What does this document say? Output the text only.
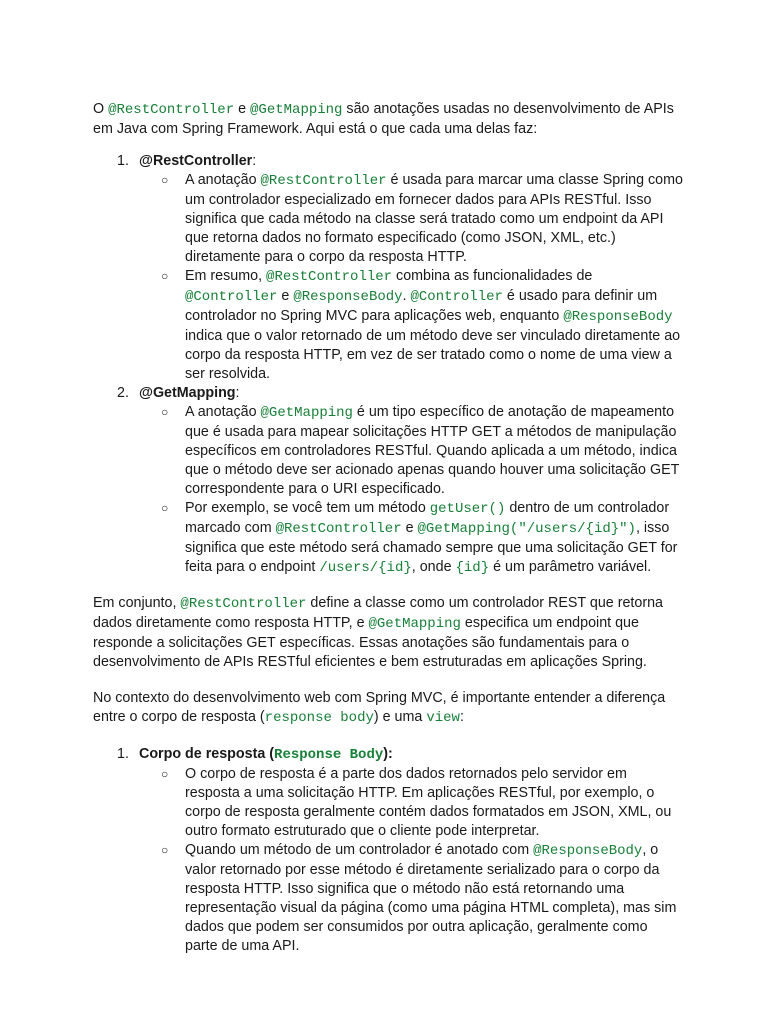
O @RestController e @GetMapping são anotações usadas no desenvolvimento de APIs em Java com Spring Framework. Aqui está o que cada uma delas faz:

1. @RestController:
○ A anotação @RestController é usada para marcar uma classe Spring como um controlador especializado em fornecer dados para APIs RESTful. Isso significa que cada método na classe será tratado como um endpoint da API que retorna dados no formato especificado (como JSON, XML, etc.) diretamente para o corpo da resposta HTTP.

○ Em resumo, @RestController combina as funcionalidades de @Controller e @ResponseBody. @Controller é usado para definir um controlador no Spring MVC para aplicações web, enquanto @ResponseBody indica que o valor retornado de um método deve ser vinculado diretamente ao corpo da resposta HTTP, em vez de ser tratado como o nome de uma view a ser resolvida.

2. @GetMapping:
○ A anotação @GetMapping é um tipo específico de anotação de mapeamento que é usada para mapear solicitações HTTP GET a métodos de manipulação específicos em controladores RESTful. Quando aplicada a um método, indica que o método deve ser acionado apenas quando houver uma solicitação GET correspondente para o URI especificado.

○ Por exemplo, se você tem um método getUser() dentro de um controlador marcado com @RestController e @GetMapping("/users/{id}"), isso significa que este método será chamado sempre que uma solicitação GET for feita para o endpoint /users/{id}, onde {id} é um parâmetro variável.

Em conjunto, @RestController define a classe como um controlador REST que retorna dados diretamente como resposta HTTP, e @GetMapping especifica um endpoint que responde a solicitações GET específicas. Essas anotações são fundamentais para o desenvolvimento de APIs RESTful eficientes e bem estruturadas em aplicações Spring.

No contexto do desenvolvimento web com Spring MVC, é importante entender a diferença entre o corpo de resposta (response body) e uma view:

1. Corpo de resposta (Response Body):
○ O corpo de resposta é a parte dos dados retornados pelo servidor em resposta a uma solicitação HTTP. Em aplicações RESTful, por exemplo, o corpo de resposta geralmente contém dados formatados em JSON, XML, ou outro formato estruturado que o cliente pode interpretar.

○ Quando um método de um controlador é anotado com @ResponseBody, o valor retornado por esse método é diretamente serializado para o corpo da resposta HTTP. Isso significa que o método não está retornando uma representação visual da página (como uma página HTML completa), mas sim dados que podem ser consumidos por outra aplicação, geralmente como parte de uma API.
